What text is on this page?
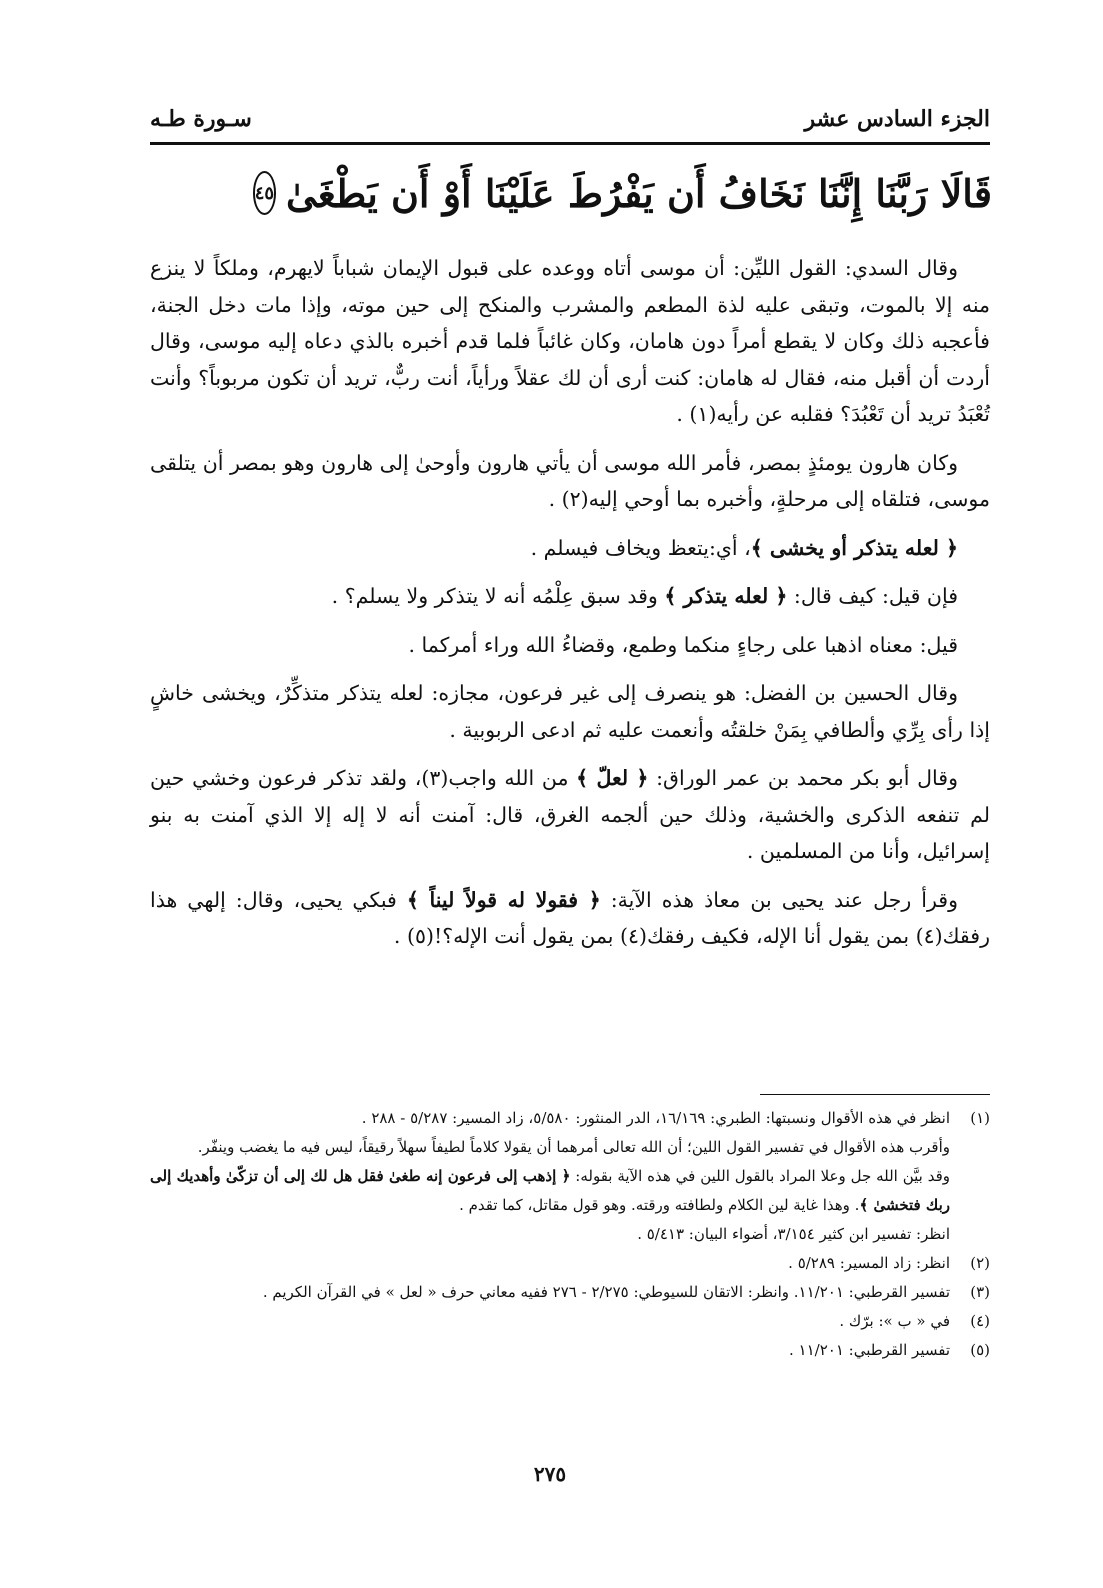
الجزء السادس عشر
سـورة طـه
قَالَا رَبَّنَا إِنَّنَا نَخَافُ أَن يَفْرُطَ عَلَيْنَا أَوْ أَن يَطْغَىٰ
٤٥

وقال السدي: القول الليِّن: أن موسى أتاه ووعده على قبول الإيمان شباباً لايهرم، وملكاً لا ينزع منه إلا بالموت، وتبقى عليه لذة المطعم والمشرب والمنكح إلى حين موته، وإذا مات دخل الجنة، فأعجبه ذلك وكان لا يقطع أمراً دون هامان، وكان غائباً فلما قدم أخبره بالذي دعاه إليه موسى، وقال أردت أن أقبل منه، فقال له هامان: كنت أرى أن لك عقلاً ورأياً، أنت ربٌّ، تريد أن تكون مربوباً؟ وأنت تُعْبَدُ تريد أن تَعْبُدَ؟ فقلبه عن رأيه(١) .

وكان هارون يومئذٍ بمصر، فأمر الله موسى أن يأتي هارون وأوحىٰ إلى هارون وهو بمصر أن يتلقى موسى، فتلقاه إلى مرحلةٍ، وأخبره بما أوحي إليه(٢) .

﴿ لعله يتذكر أو يخشى ﴾، أي:يتعظ ويخاف فيسلم .

فإن قيل: كيف قال: ﴿ لعله يتذكر ﴾ وقد سبق عِلْمُه أنه لا يتذكر ولا يسلم؟ .

قيل: معناه اذهبا على رجاءٍ منكما وطمع، وقضاءُ الله وراء أمركما .

وقال الحسين بن الفضل: هو ينصرف إلى غير فرعون، مجازه: لعله يتذكر متذكِّرٌ، ويخشى خاشٍ إذا رأى بِرِّي وألطافي بِمَنْ خلقتُه وأنعمت عليه ثم ادعى الربوبية .

وقال أبو بكر محمد بن عمر الوراق: ﴿ لعلّ ﴾ من الله واجب(٣)، ولقد تذكر فرعون وخشي حين لم تنفعه الذكرى والخشية، وذلك حين ألجمه الغرق، قال: آمنت أنه لا إله إلا الذي آمنت به بنو إسرائيل، وأنا من المسلمين .

وقرأ رجل عند يحيى بن معاذ هذه الآية: ﴿ فقولا له قولاً ليناً ﴾ فبكي يحيى، وقال: إلهي هذا رفقك(٤) بمن يقول أنا الإله، فكيف رفقك(٤) بمن يقول أنت الإله؟!(٥) .

(١)
انظر في هذه الأقوال ونسبتها: الطبري: ١٦/١٦٩، الدر المنثور: ٥/٥٨٠، زاد المسير: ٥/٢٨٧ - ٢٨٨ .
وأقرب هذه الأقوال في تفسير القول اللين؛ أن الله تعالى أمرهما أن يقولا كلاماً لطيفاً سهلاً رقيقاً، ليس فيه ما يغضب وينفّر.
وقد بيَّن الله جل وعلا المراد بالقول اللين في هذه الآية بقوله: ﴿ إذهب إلى فرعون إنه طغىٰ فقل هل لك إلى أن تزكّىٰ وأهديك إلى ربك فتخشىٰ ﴾. وهذا غاية لين الكلام ولطافته ورقته. وهو قول مقاتل، كما تقدم .
انظر: تفسير ابن كثير ٣/١٥٤، أضواء البيان: ٥/٤١٣ .
(٢)
انظر: زاد المسير: ٥/٢٨٩ .
(٣)
تفسير القرطبي: ١١/٢٠١. وانظر: الاتقان للسيوطي: ٢/٢٧٥ - ٢٧٦ ففيه معاني حرف « لعل » في القرآن الكريم .
(٤)
في « ب »: برّك .
(٥)
تفسير القرطبي: ١١/٢٠١ .
٢٧٥
